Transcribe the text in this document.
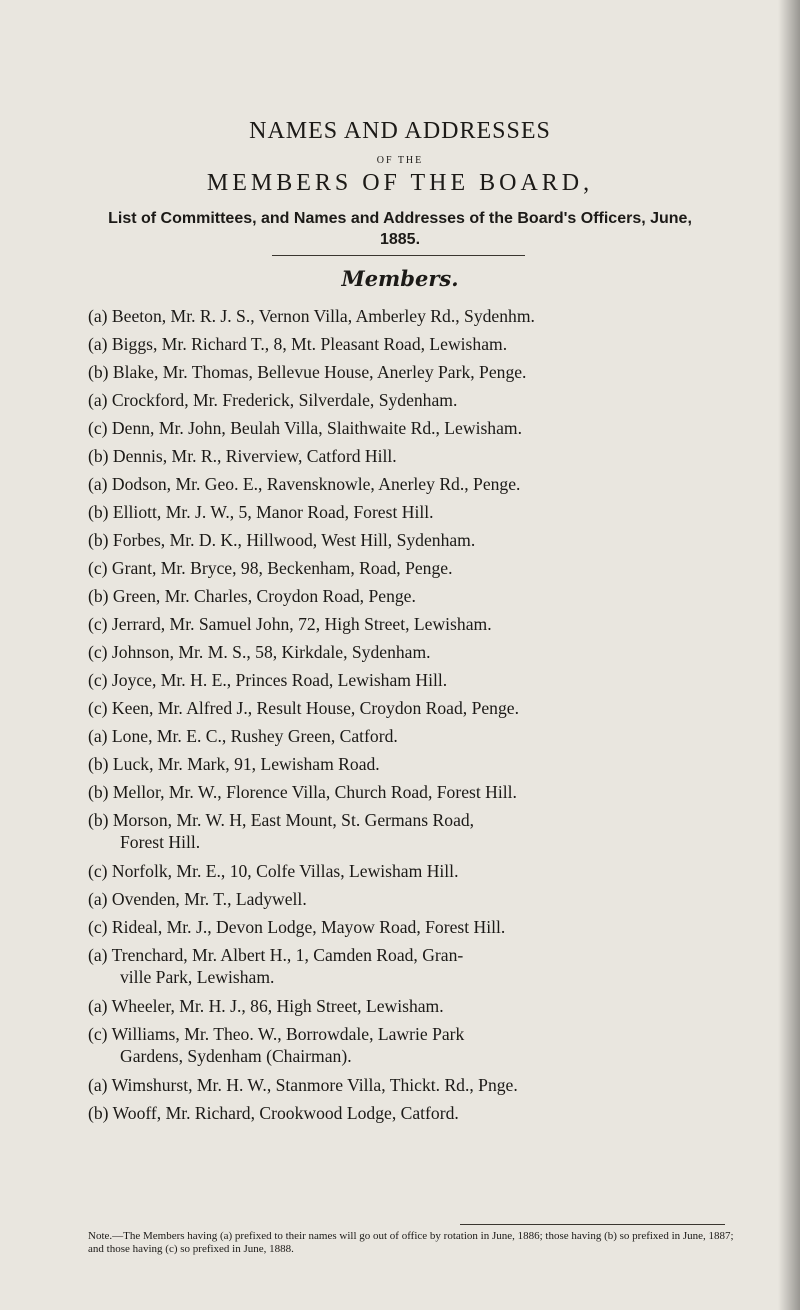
NAMES AND ADDRESSES
OF THE
MEMBERS OF THE BOARD,
List of Committees, and Names and Addresses of the Board's Officers, June, 1885.
Members.
(a) Beeton, Mr. R. J. S., Vernon Villa, Amberley Rd., Sydenhm.
(a) Biggs, Mr. Richard T., 8, Mt. Pleasant Road, Lewisham.
(b) Blake, Mr. Thomas, Bellevue House, Anerley Park, Penge.
(a) Crockford, Mr. Frederick, Silverdale, Sydenham.
(c) Denn, Mr. John, Beulah Villa, Slaithwaite Rd., Lewisham.
(b) Dennis, Mr. R., Riverview, Catford Hill.
(a) Dodson, Mr. Geo. E., Ravensknowle, Anerley Rd., Penge.
(b) Elliott, Mr. J. W., 5, Manor Road, Forest Hill.
(b) Forbes, Mr. D. K., Hillwood, West Hill, Sydenham.
(c) Grant, Mr. Bryce, 98, Beckenham, Road, Penge.
(b) Green, Mr. Charles, Croydon Road, Penge.
(c) Jerrard, Mr. Samuel John, 72, High Street, Lewisham.
(c) Johnson, Mr. M. S., 58, Kirkdale, Sydenham.
(c) Joyce, Mr. H. E., Princes Road, Lewisham Hill.
(c) Keen, Mr. Alfred J., Result House, Croydon Road, Penge.
(a) Lone, Mr. E. C., Rushey Green, Catford.
(b) Luck, Mr. Mark, 91, Lewisham Road.
(b) Mellor, Mr. W., Florence Villa, Church Road, Forest Hill.
(b) Morson, Mr. W. H, East Mount, St. Germans Road,
Forest Hill.
(c) Norfolk, Mr. E., 10, Colfe Villas, Lewisham Hill.
(a) Ovenden, Mr. T., Ladywell.
(c) Rideal, Mr. J., Devon Lodge, Mayow Road, Forest Hill.
(a) Trenchard, Mr. Albert H., 1, Camden Road, Gran-
ville Park, Lewisham.
(a) Wheeler, Mr. H. J., 86, High Street, Lewisham.
(c) Williams, Mr. Theo. W., Borrowdale, Lawrie Park
Gardens, Sydenham (Chairman).
(a) Wimshurst, Mr. H. W., Stanmore Villa, Thickt. Rd., Pnge.
(b) Wooff, Mr. Richard, Crookwood Lodge, Catford.
Note.—The Members having (a) prefixed to their names will go out of office by rotation in June, 1886; those having (b) so prefixed in June, 1887; and those having (c) so prefixed in June, 1888.
